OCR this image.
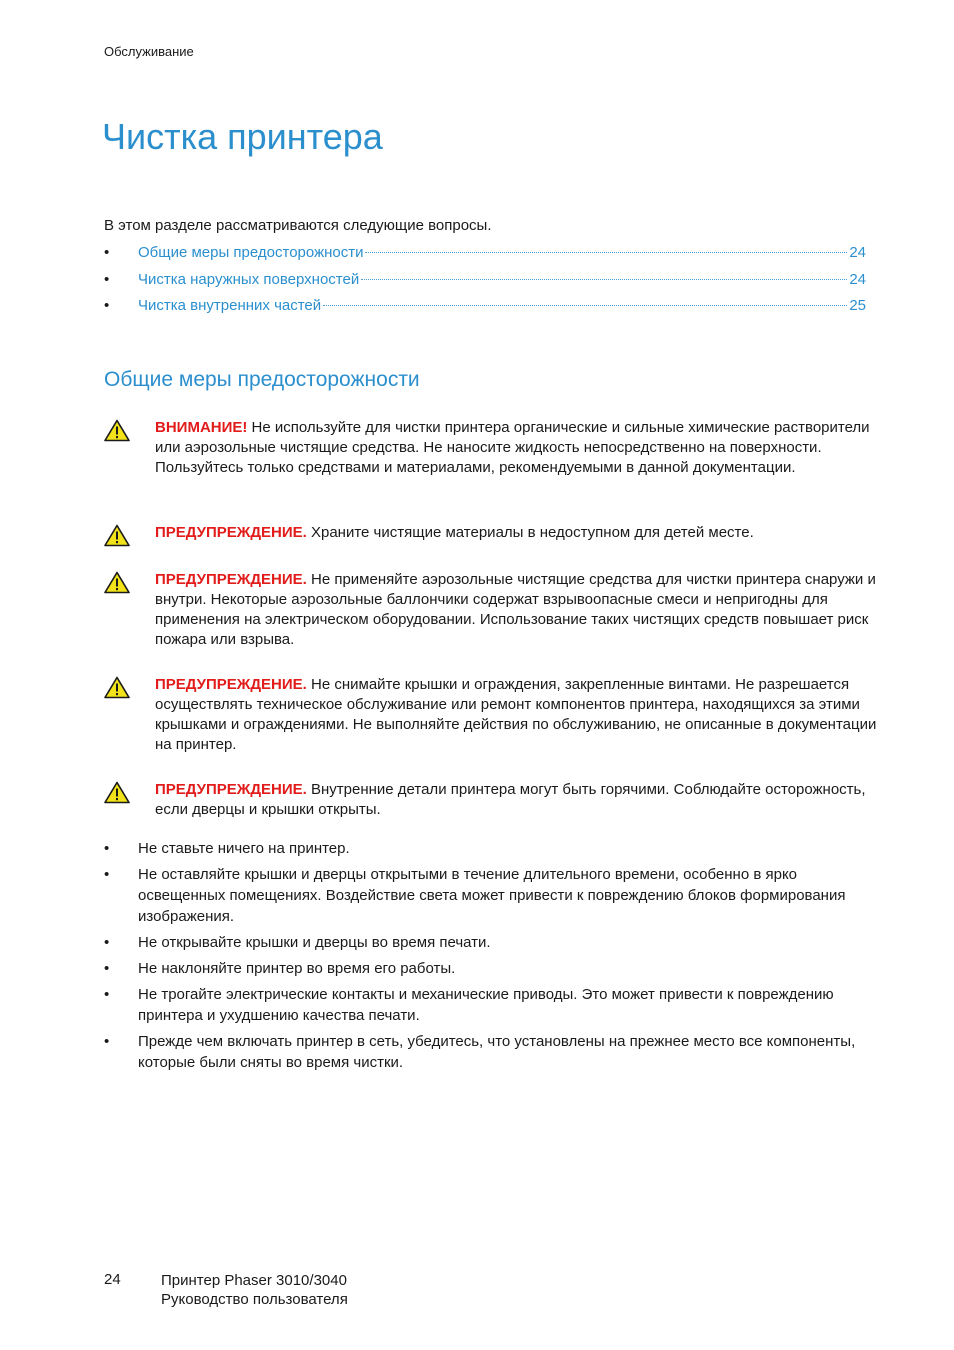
Обслуживание
Чистка принтера
В этом разделе рассматриваются следующие вопросы.
•	Общие меры предосторожности	24
•	Чистка наружных поверхностей	24
•	Чистка внутренних частей	25
Общие меры предосторожности
ВНИМАНИЕ! Не используйте для чистки принтера органические и сильные химические растворители или аэрозольные чистящие средства. Не наносите жидкость непосредственно на поверхности. Пользуйтесь только средствами и материалами, рекомендуемыми в данной документации.
ПРЕДУПРЕЖДЕНИЕ. Храните чистящие материалы в недоступном для детей месте.
ПРЕДУПРЕЖДЕНИЕ. Не применяйте аэрозольные чистящие средства для чистки принтера снаружи и внутри. Некоторые аэрозольные баллончики содержат взрывоопасные смеси и непригодны для применения на электрическом оборудовании. Использование таких чистящих средств повышает риск пожара или взрыва.
ПРЕДУПРЕЖДЕНИЕ. Не снимайте крышки и ограждения, закрепленные винтами. Не разрешается осуществлять техническое обслуживание или ремонт компонентов принтера, находящихся за этими крышками и ограждениями. Не выполняйте действия по обслуживанию, не описанные в документации на принтер.
ПРЕДУПРЕЖДЕНИЕ. Внутренние детали принтера могут быть горячими. Соблюдайте осторожность, если дверцы и крышки открыты.
•	Не ставьте ничего на принтер.
•	Не оставляйте крышки и дверцы открытыми в течение длительного времени, особенно в ярко освещенных помещениях. Воздействие света может привести к повреждению блоков формирования изображения.
•	Не открывайте крышки и дверцы во время печати.
•	Не наклоняйте принтер во время его работы.
•	Не трогайте электрические контакты и механические приводы. Это может привести к повреждению принтера и ухудшению качества печати.
•	Прежде чем включать принтер в сеть, убедитесь, что установлены на прежнее место все компоненты, которые были сняты во время чистки.
24	Принтер Phaser 3010/3040
Руководство пользователя
